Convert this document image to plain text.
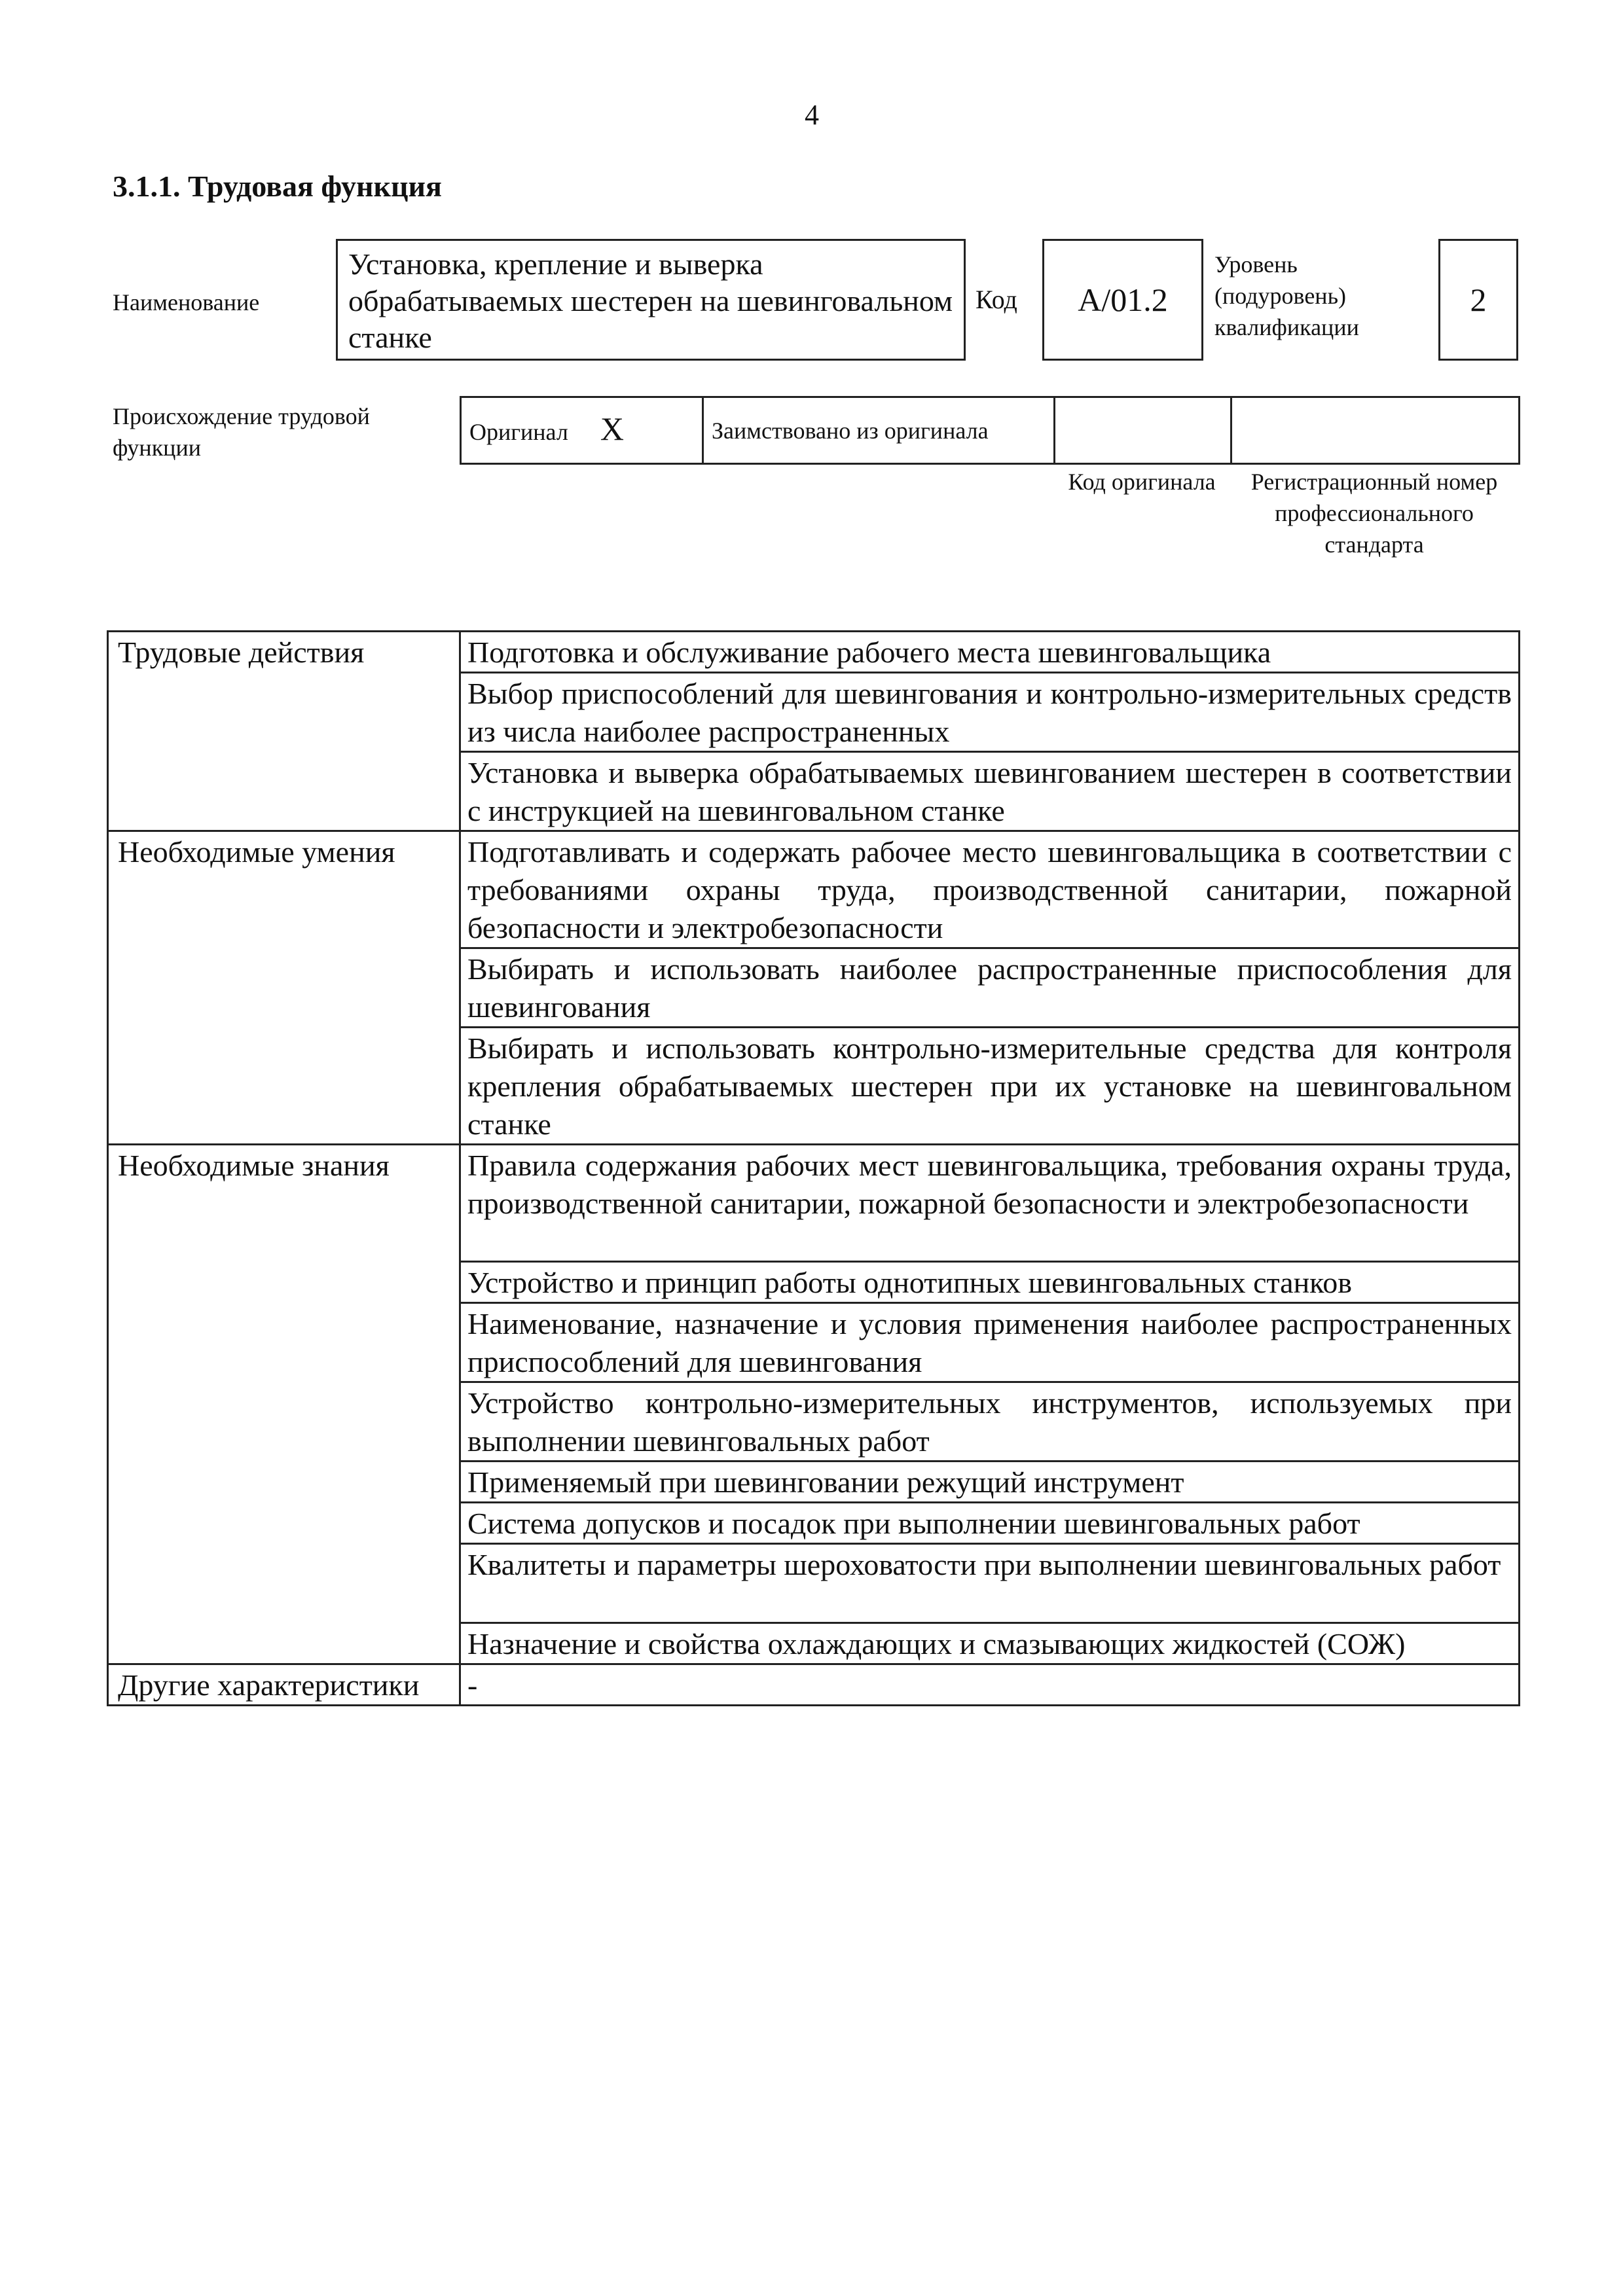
4
3.1.1. Трудовая функция
Наименование
Установка, крепление и выверка обрабатываемых шестерен на шевинговальном станке
Код А/01.2
Уровень (подуровень) квалификации
2
Происхождение трудовой функции
Оригинал X	Заимствовано из оригинала		
Код оригинала	Регистрационный номер профессионального стандарта
Трудовые действия	Подготовка и обслуживание рабочего места шевинговальщика
	Выбор приспособлений для шевингования и контрольно-измерительных средств из числа наиболее распространенных
	Установка и выверка обрабатываемых шевингованием шестерен в соответствии с инструкцией на шевинговальном станке
Необходимые умения	Подготавливать и содержать рабочее место шевинговальщика в соответствии с требованиями охраны труда, производственной санитарии, пожарной безопасности и электробезопасности
	Выбирать и использовать наиболее распространенные приспособления для шевингования
	Выбирать и использовать контрольно-измерительные средства для контроля крепления обрабатываемых шестерен при их установке на шевинговальном станке
Необходимые знания	Правила содержания рабочих мест шевинговальщика, требования охраны труда, производственной санитарии, пожарной безопасности и электробезопасности
	Устройство и принцип работы однотипных шевинговальных станков
	Наименование, назначение и условия применения наиболее распространенных приспособлений для шевингования
	Устройство контрольно-измерительных инструментов, используемых при выполнении шевинговальных работ
	Применяемый при шевинговании режущий инструмент
	Система допусков и посадок при выполнении шевинговальных работ
	Квалитеты и параметры шероховатости при выполнении шевинговальных работ
	Назначение и свойства охлаждающих и смазывающих жидкостей (СОЖ)
Другие характеристики	-
